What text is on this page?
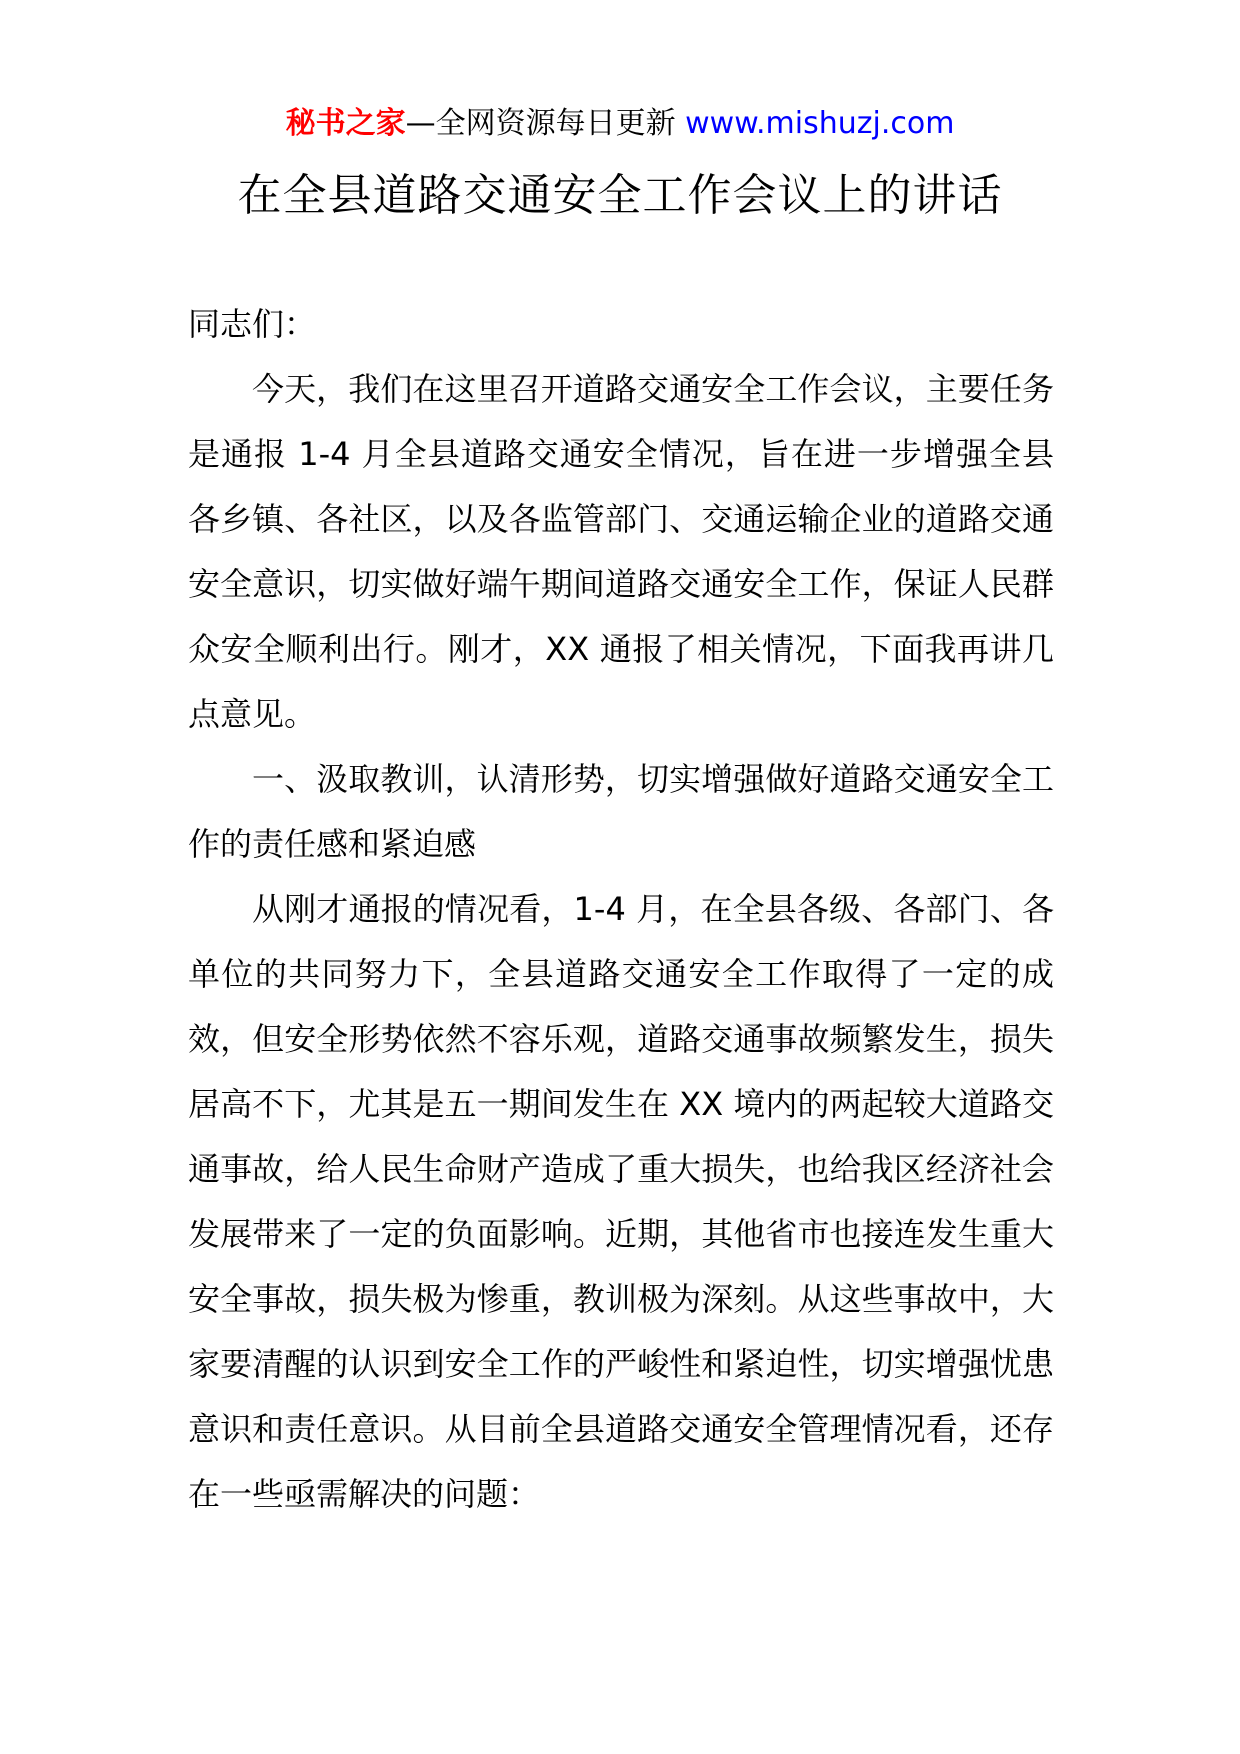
秘书之家—全网资源每日更新 www.mishuzj.com
在全县道路交通安全工作会议上的讲话

同志们：

今天，我们在这里召开道路交通安全工作会议，主要任务是通报 1-4 月全县道路交通安全情况，旨在进一步增强全县各乡镇、各社区，以及各监管部门、交通运输企业的道路交通安全意识，切实做好端午期间道路交通安全工作，保证人民群众安全顺利出行。刚才，XX 通报了相关情况，下面我再讲几点意见。

一、汲取教训，认清形势，切实增强做好道路交通安全工作的责任感和紧迫感

从刚才通报的情况看，1-4 月，在全县各级、各部门、各单位的共同努力下，全县道路交通安全工作取得了一定的成效，但安全形势依然不容乐观，道路交通事故频繁发生，损失居高不下，尤其是五一期间发生在 XX 境内的两起较大道路交通事故，给人民生命财产造成了重大损失，也给我区经济社会发展带来了一定的负面影响。近期，其他省市也接连发生重大安全事故，损失极为惨重，教训极为深刻。从这些事故中，大家要清醒的认识到安全工作的严峻性和紧迫性，切实增强忧患意识和责任意识。从目前全县道路交通安全管理情况看，还存在一些亟需解决的问题：
